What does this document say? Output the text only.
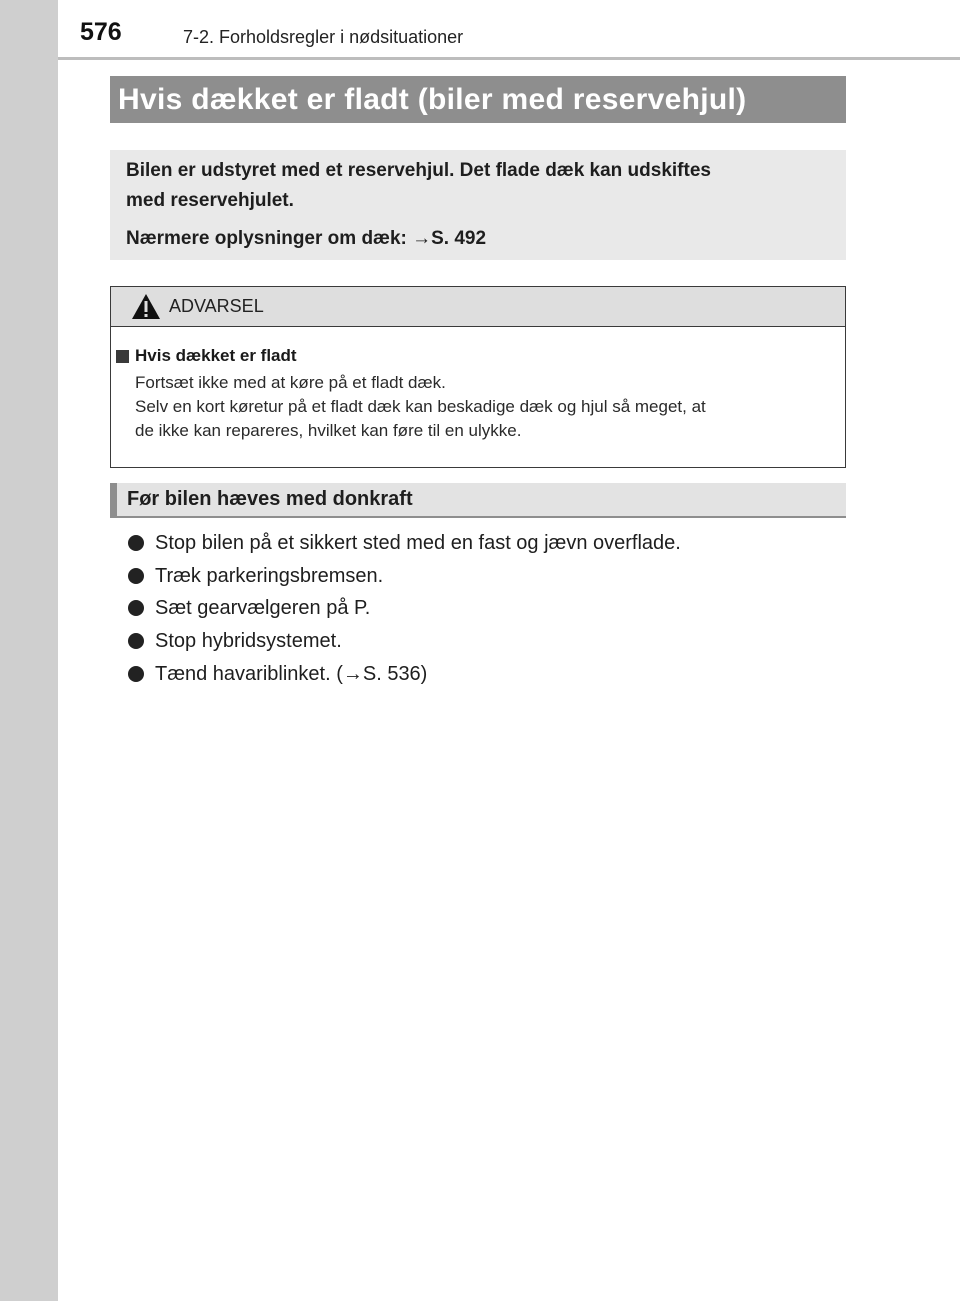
576	7-2. Forholdsregler i nødsituationer
Hvis dækket er fladt (biler med reservehjul)

Bilen er udstyret med et reservehjul. Det flade dæk kan udskiftes

med reservehjulet.

Nærmere oplysninger om dæk: →S. 492

ADVARSEL
Hvis dækket er fladt

Fortsæt ikke med at køre på et fladt dæk.

Selv en kort køretur på et fladt dæk kan beskadige dæk og hjul så meget, at

de ikke kan repareres, hvilket kan føre til en ulykke.

Før bilen hæves med donkraft
Stop bilen på et sikkert sted med en fast og jævn overflade.
Træk parkeringsbremsen.
Sæt gearvælgeren på P.
Stop hybridsystemet.
Tænd havariblinket. (→S. 536)
